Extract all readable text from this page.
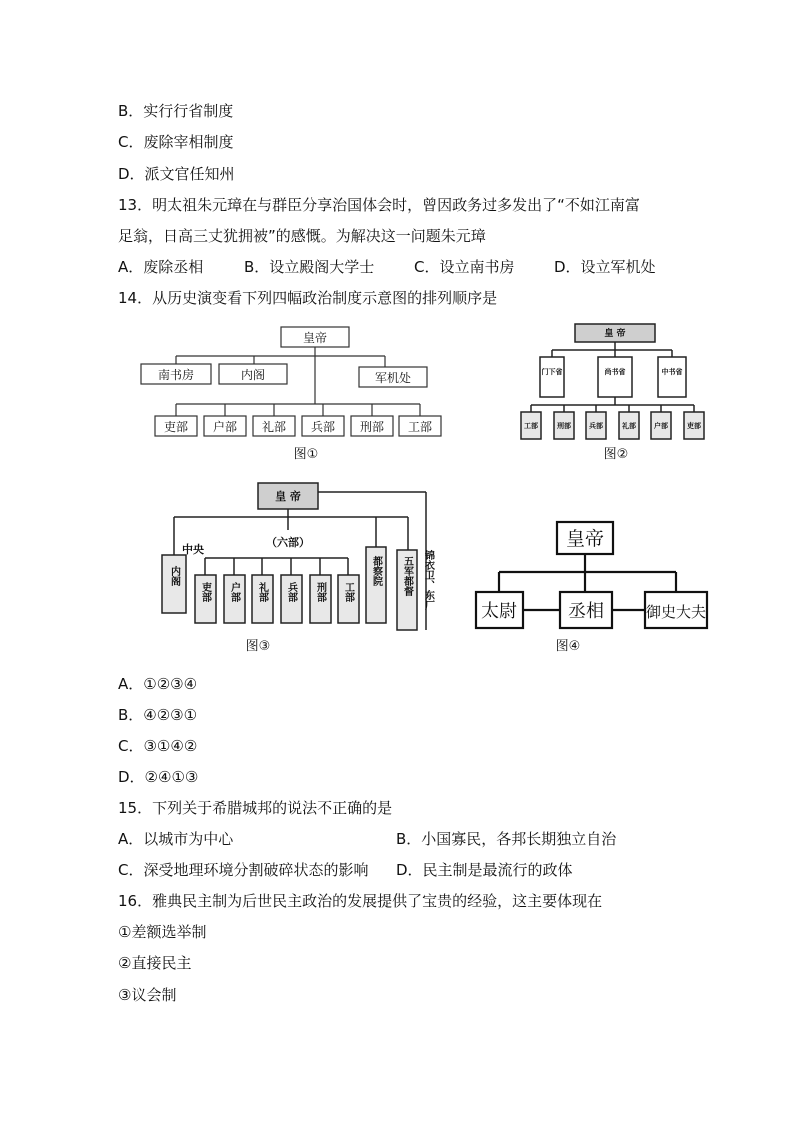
B．实行行省制度
C．废除宰相制度
D．派文官任知州
13．明太祖朱元璋在与群臣分享治国体会时，曾因政务过多发出了“不如江南富
足翁，日高三丈犹拥被”的感慨。为解决这一问题朱元璋
A．废除丞相	B．设立殿阁大学士	C．设立南书房	D．设立军机处
14．从历史演变看下列四幅政治制度示意图的排列顺序是
皇帝
南书房	内阁	军机处
吏部 户部 礼部 兵部 刑部 工部
图①
皇 帝
门下省	尚书省	中书省
工部	刑部	兵部	礼部	户部	吏部
图②
皇 帝
中央
（六部）
内阁
吏部 户部 礼部 兵部 刑部 工部
都察院 五军都督 锦衣卫、东厂
图③
皇帝
太尉	丞相	御史大夫
图④
A．①②③④
B．④②③①
C．③①④②
D．②④①③
15．下列关于希腊城邦的说法不正确的是
A．以城市为中心	B．小国寡民，各邦长期独立自治
C．深受地理环境分割破碎状态的影响 D．民主制是最流行的政体
16．雅典民主制为后世民主政治的发展提供了宝贵的经验，这主要体现在
①差额选举制
②直接民主
③议会制
